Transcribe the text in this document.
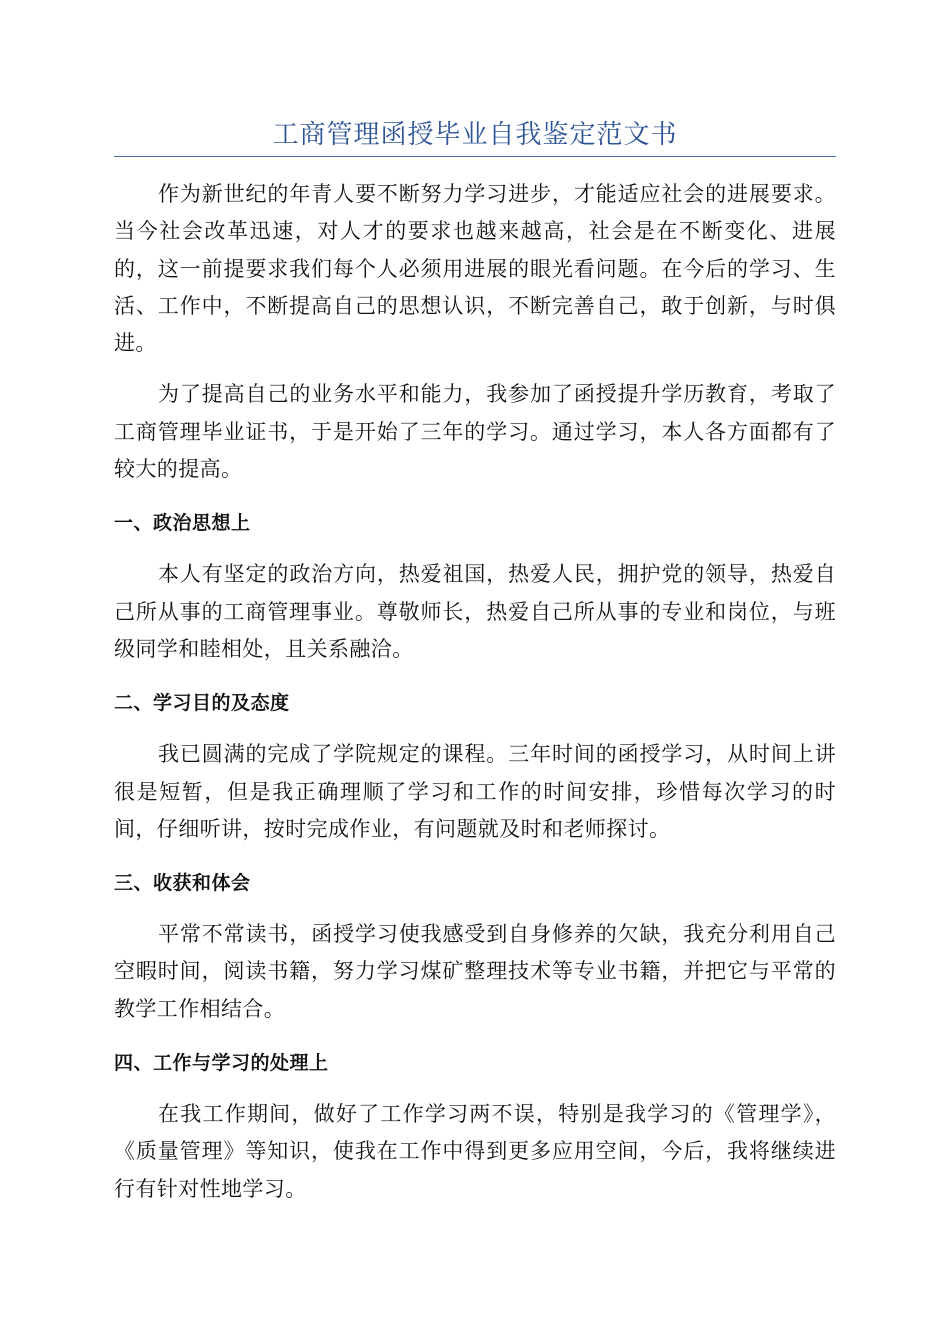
工商管理函授毕业自我鉴定范文书

作为新世纪的年青人要不断努力学习进步，才能适应社会的进展要求。当今社会改革迅速，对人才的要求也越来越高，社会是在不断变化、进展的，这一前提要求我们每个人必须用进展的眼光看问题。在今后的学习、生活、工作中，不断提高自己的思想认识，不断完善自己，敢于创新，与时俱进。

为了提高自己的业务水平和能力，我参加了函授提升学历教育，考取了工商管理毕业证书，于是开始了三年的学习。通过学习，本人各方面都有了较大的提高。

一、政治思想上

本人有坚定的政治方向，热爱祖国，热爱人民，拥护党的领导，热爱自己所从事的工商管理事业。尊敬师长，热爱自己所从事的专业和岗位，与班级同学和睦相处，且关系融洽。

二、学习目的及态度

我已圆满的完成了学院规定的课程。三年时间的函授学习，从时间上讲很是短暂，但是我正确理顺了学习和工作的时间安排，珍惜每次学习的时间，仔细听讲，按时完成作业，有问题就及时和老师探讨。

三、收获和体会

平常不常读书，函授学习使我感受到自身修养的欠缺，我充分利用自己空暇时间，阅读书籍，努力学习煤矿整理技术等专业书籍，并把它与平常的教学工作相结合。

四、工作与学习的处理上

在我工作期间，做好了工作学习两不误，特别是我学习的《管理学》，《质量管理》等知识，使我在工作中得到更多应用空间，今后，我将继续进行有针对性地学习。
